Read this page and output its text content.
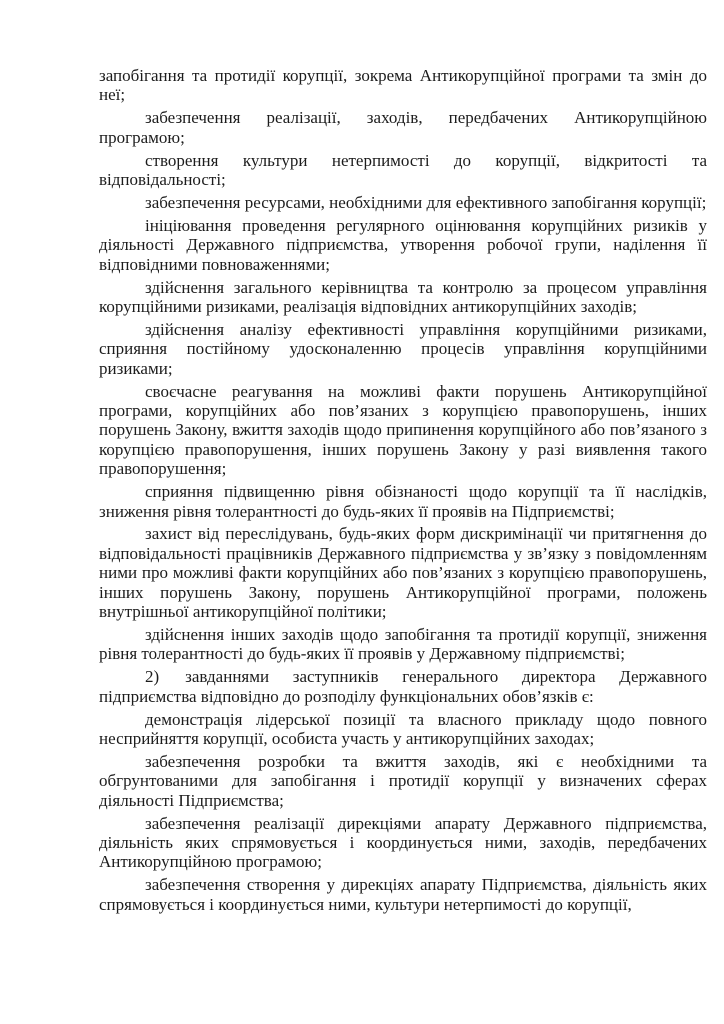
запобігання та протидії корупції, зокрема Антикорупційної програми та змін до неї;

забезпечення реалізації, заходів, передбачених Антикорупційною програмою;

створення культури нетерпимості до корупції, відкритості та відповідальності;

забезпечення ресурсами, необхідними для ефективного запобігання корупції;

ініціювання проведення регулярного оцінювання корупційних ризиків у діяльності Державного підприємства, утворення робочої групи, наділення її відповідними повноваженнями;

здійснення загального керівництва та контролю за процесом управління корупційними ризиками, реалізація відповідних антикорупційних заходів;

здійснення аналізу ефективності управління корупційними ризиками, сприяння постійному удосконаленню процесів управління корупційними ризиками;

своєчасне реагування на можливі факти порушень Антикорупційної програми, корупційних або пов’язаних з корупцією правопорушень, інших порушень Закону, вжиття заходів щодо припинення корупційного або пов’язаного з корупцією правопорушення, інших порушень Закону у разі виявлення такого правопорушення;

сприяння підвищенню рівня обізнаності щодо корупції та її наслідків, зниження рівня толерантності до будь-яких її проявів на Підприємстві;

захист від переслідувань, будь-яких форм дискримінації чи притягнення до відповідальності працівників Державного підприємства у зв’язку з повідомленням ними про можливі факти корупційних або пов’язаних з корупцією правопорушень, інших порушень Закону, порушень Антикорупційної програми, положень внутрішньої антикорупційної політики;

здійснення інших заходів щодо запобігання та протидії корупції, зниження рівня толерантності до будь-яких її проявів у Державному підприємстві;

2) завданнями заступників генерального директора Державного підприємства відповідно до розподілу функціональних обов’язків є:

демонстрація лідерської позиції та власного прикладу щодо повного несприйняття корупції, особиста участь у антикорупційних заходах;

забезпечення розробки та вжиття заходів, які є необхідними та обгрунтованими для запобігання і протидії корупції у визначених сферах діяльності Підприємства;

забезпечення реалізації дирекціями апарату Державного підприємства, діяльність яких спрямовується і координується ними, заходів, передбачених Антикорупційною програмою;

забезпечення створення у дирекціях апарату Підприємства, діяльність яких спрямовується і координується ними, культури нетерпимості до корупції,
